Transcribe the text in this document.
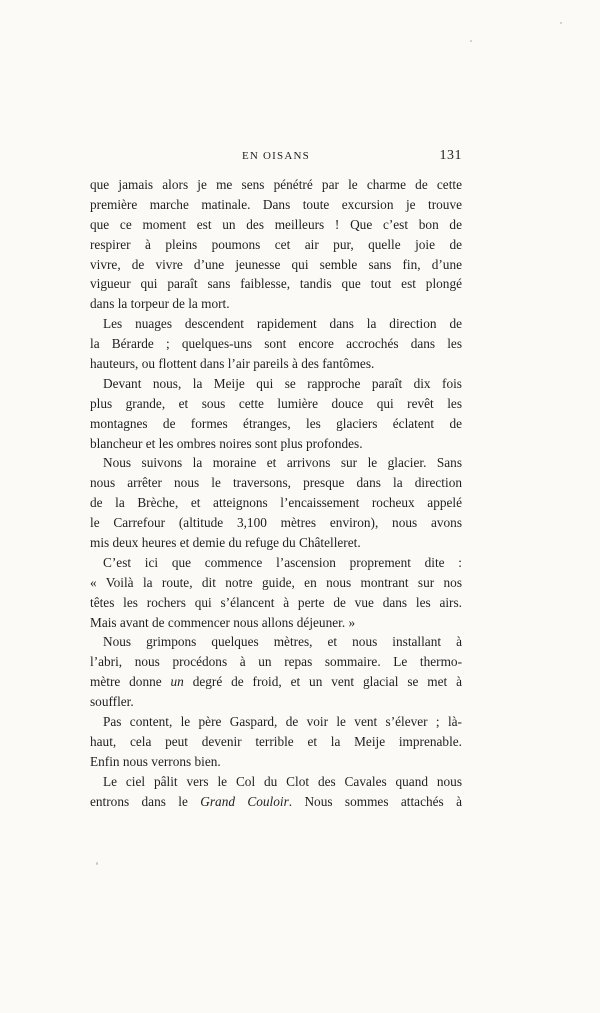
EN OISANS	131
que jamais alors je me sens pénétré par le charme de cette
première marche matinale. Dans toute excursion je trouve
que ce moment est un des meilleurs ! Que c’est bon de
respirer à pleins poumons cet air pur, quelle joie de
vivre, de vivre d’une jeunesse qui semble sans fin, d’une
vigueur qui paraît sans faiblesse, tandis que tout est plongé
dans la torpeur de la mort.
Les nuages descendent rapidement dans la direction de
la Bérarde ; quelques-uns sont encore accrochés dans les
hauteurs, ou flottent dans l’air pareils à des fantômes.
Devant nous, la Meije qui se rapproche paraît dix fois
plus grande, et sous cette lumière douce qui revêt les
montagnes de formes étranges, les glaciers éclatent de
blancheur et les ombres noires sont plus profondes.
Nous suivons la moraine et arrivons sur le glacier. Sans
nous arrêter nous le traversons, presque dans la direction
de la Brèche, et atteignons l’encaissement rocheux appelé
le Carrefour (altitude 3,100 mètres environ), nous avons
mis deux heures et demie du refuge du Châtelleret.
C’est ici que commence l’ascension proprement dite :
« Voilà la route, dit notre guide, en nous montrant sur nos
têtes les rochers qui s’élancent à perte de vue dans les airs.
Mais avant de commencer nous allons déjeuner. »
Nous grimpons quelques mètres, et nous installant à
l’abri, nous procédons à un repas sommaire. Le thermo-
mètre donne un degré de froid, et un vent glacial se met à
souffler.
Pas content, le père Gaspard, de voir le vent s’élever ; là-
haut, cela peut devenir terrible et la Meije imprenable.
Enfin nous verrons bien.
Le ciel pâlit vers le Col du Clot des Cavales quand nous
entrons dans le Grand Couloir. Nous sommes attachés à
